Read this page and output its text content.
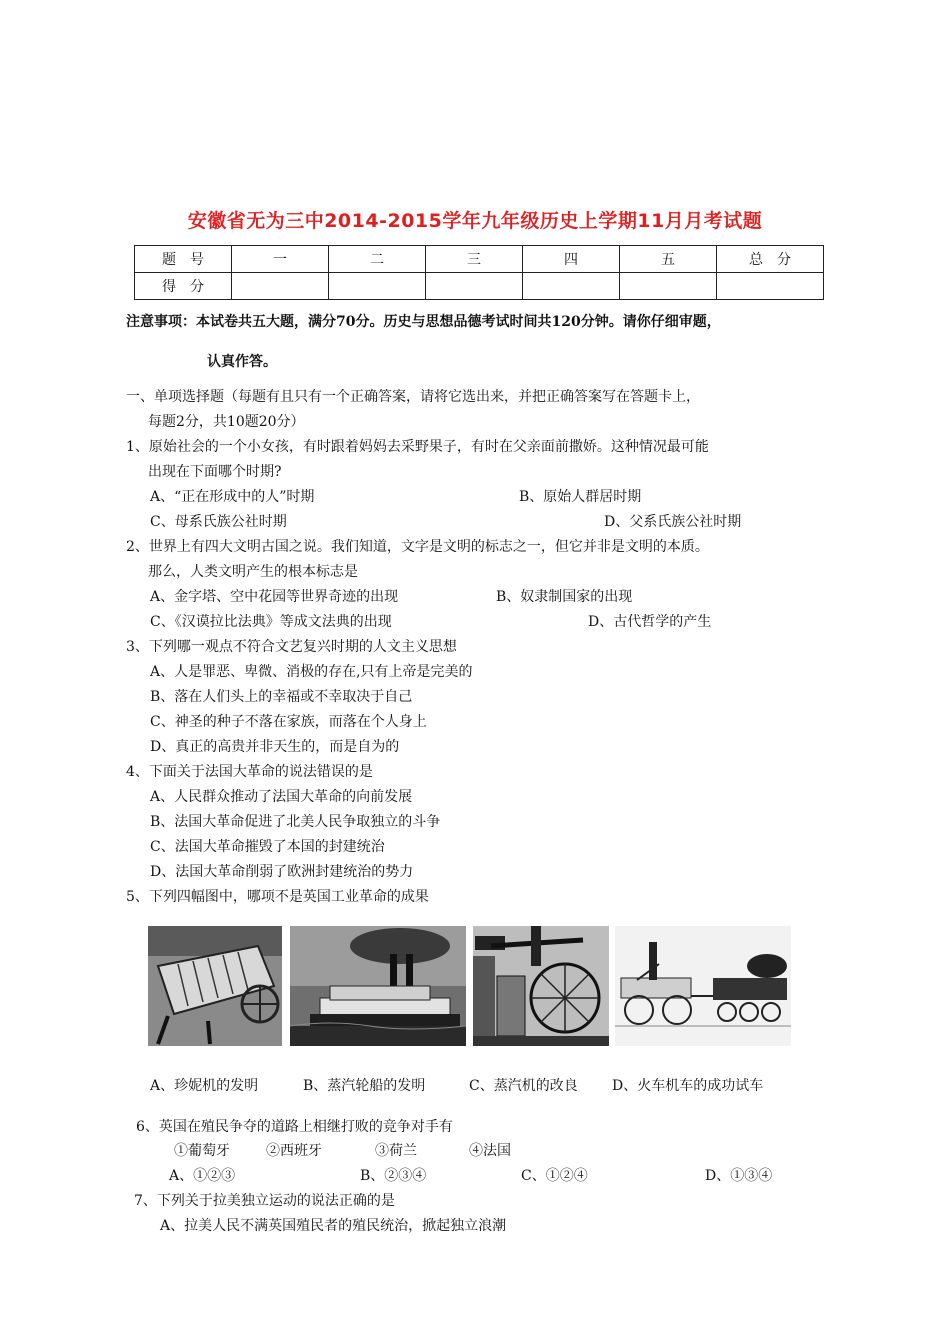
安徽省无为三中2014-2015学年九年级历史上学期11月月考试题
题　号	一	二	三	四	五	总　分
得　分						
注意事项：本试卷共五大题，满分70分。历史与思想品德考试时间共120分钟。请你仔细审题，
认真作答。
一、单项选择题（每题有且只有一个正确答案，请将它选出来，并把正确答案写在答题卡上，
每题2分，共10题20分）
1、原始社会的一个小女孩，有时跟着妈妈去采野果子，有时在父亲面前撒娇。这种情况最可能
出现在下面哪个时期?
A、“正在形成中的人”时期	B、原始人群居时期
C、母系氏族公社时期	D、父系氏族公社时期
2、世界上有四大文明古国之说。我们知道，文字是文明的标志之一，但它并非是文明的本质。
那么，人类文明产生的根本标志是
A、金字塔、空中花园等世界奇迹的出现	B、奴隶制国家的出现
C、《汉谟拉比法典》等成文法典的出现	D、古代哲学的产生
3、下列哪一观点不符合文艺复兴时期的人文主义思想
A、人是罪恶、卑微、消极的存在,只有上帝是完美的
B、落在人们头上的幸福或不幸取决于自己
C、神圣的种子不落在家族，而落在个人身上
D、真正的高贵并非天生的，而是自为的
4、下面关于法国大革命的说法错误的是
A、人民群众推动了法国大革命的向前发展
B、法国大革命促进了北美人民争取独立的斗争
C、法国大革命摧毁了本国的封建统治
D、法国大革命削弱了欧洲封建统治的势力
5、下列四幅图中，哪项不是英国工业革命的成果
A、珍妮机的发明	B、蒸汽轮船的发明	C、蒸汽机的改良 D、火车机车的成功试车
6、英国在殖民争夺的道路上相继打败的竞争对手有
①葡萄牙	②西班牙	③荷兰	④法国
A、①②③	B、②③④	C、①②④	D、①③④
7、下列关于拉美独立运动的说法正确的是
A、拉美人民不满英国殖民者的殖民统治，掀起独立浪潮
